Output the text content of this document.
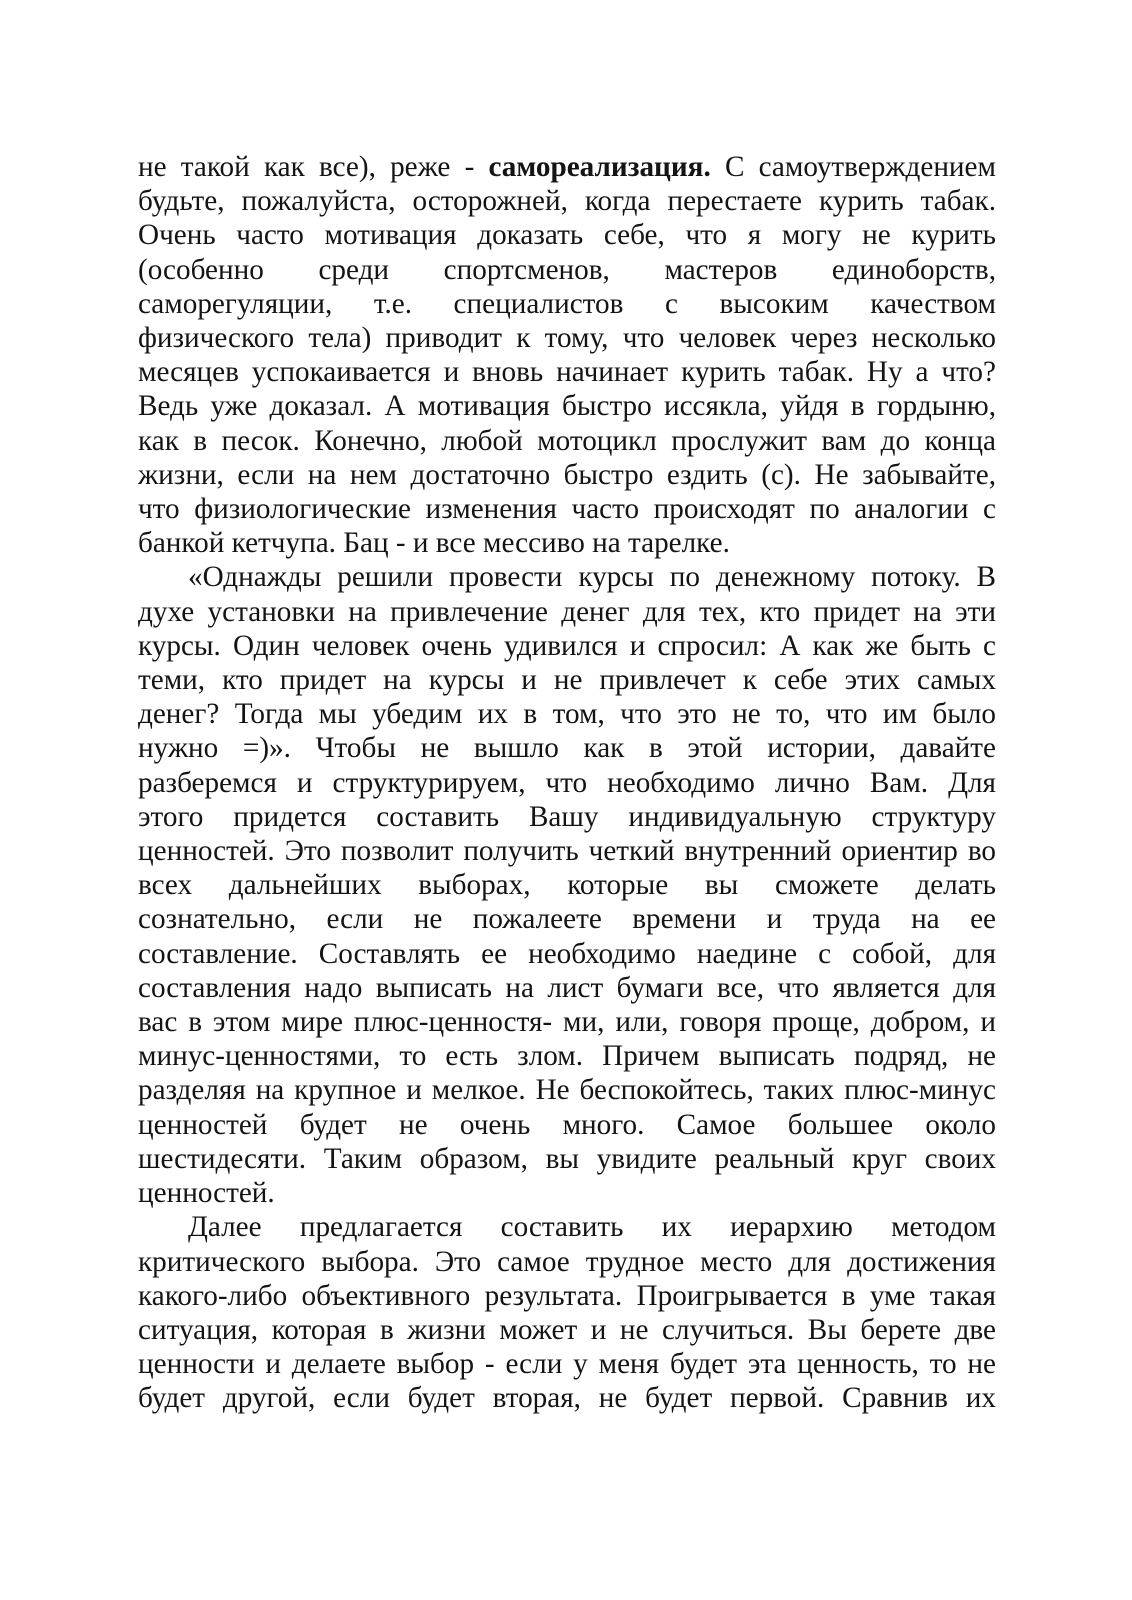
не такой как все), реже - самореализация. С самоутверждением
будьте, пожалуйста, осторожней, когда перестаете курить табак.
Очень часто мотивация доказать себе, что я могу не курить
(особенно среди спортсменов, мастеров единоборств,
саморегуляции, т.е. специалистов с высоким качеством
физического тела) приводит к тому, что человек через несколько
месяцев успокаивается и вновь начинает курить табак. Ну а что?
Ведь уже доказал. А мотивация быстро иссякла, уйдя в гордыню,
как в песок. Конечно, любой мотоцикл прослужит вам до конца
жизни, если на нем достаточно быстро ездить (с). Не забывайте,
что физиологические изменения часто происходят по аналогии с
банкой кетчупа. Бац - и все мессиво на тарелке.
«Однажды решили провести курсы по денежному потоку. В
духе установки на привлечение денег для тех, кто придет на эти
курсы. Один человек очень удивился и спросил: А как же быть с
теми, кто придет на курсы и не привлечет к себе этих самых
денег? Тогда мы убедим их в том, что это не то, что им было
нужно =)». Чтобы не вышло как в этой истории, давайте
разберемся и структурируем, что необходимо лично Вам. Для
этого придется составить Вашу индивидуальную структуру
ценностей. Это позволит получить четкий внутренний ориентир во
всех дальнейших выборах, которые вы сможете делать
сознательно, если не пожалеете времени и труда на ее
составление. Составлять ее необходимо наедине с собой, для
составления надо выписать на лист бумаги все, что является для
вас в этом мире плюс-ценностя- ми, или, говоря проще, добром, и
минус-ценностями, то есть злом. Причем выписать подряд, не
разделяя на крупное и мелкое. Не беспокойтесь, таких плюс-минус
ценностей будет не очень много. Самое большее около
шестидесяти. Таким образом, вы увидите реальный круг своих
ценностей.
Далее предлагается составить их иерархию методом
критического выбора. Это самое трудное место для достижения
какого-либо объективного результата. Проигрывается в уме такая
ситуация, которая в жизни может и не случиться. Вы берете две
ценности и делаете выбор - если у меня будет эта ценность, то не
будет другой, если будет вторая, не будет первой. Сравнив их
